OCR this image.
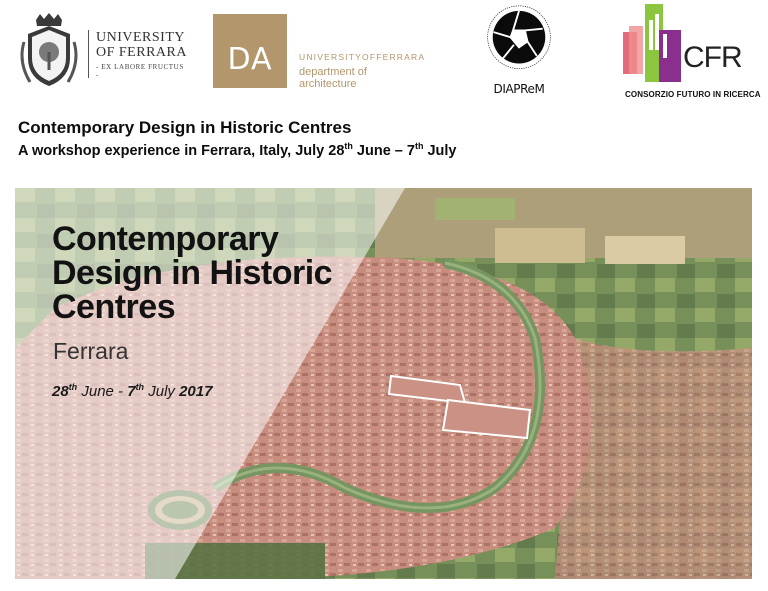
UNIVERSITY
OF FERRARA
- EX LABORE FRUCTUS -	DA	UNIVERSITYOFFERRARA
department of architecture	DIAPReM
CFR
CONSORZIO FUTURO IN RICERCA
Contemporary Design in Historic Centres
A workshop experience in Ferrara, Italy, July 28th June – 7th July
Contemporary
Design in Historic
Centres
Ferrara
28th June - 7th July 2017
